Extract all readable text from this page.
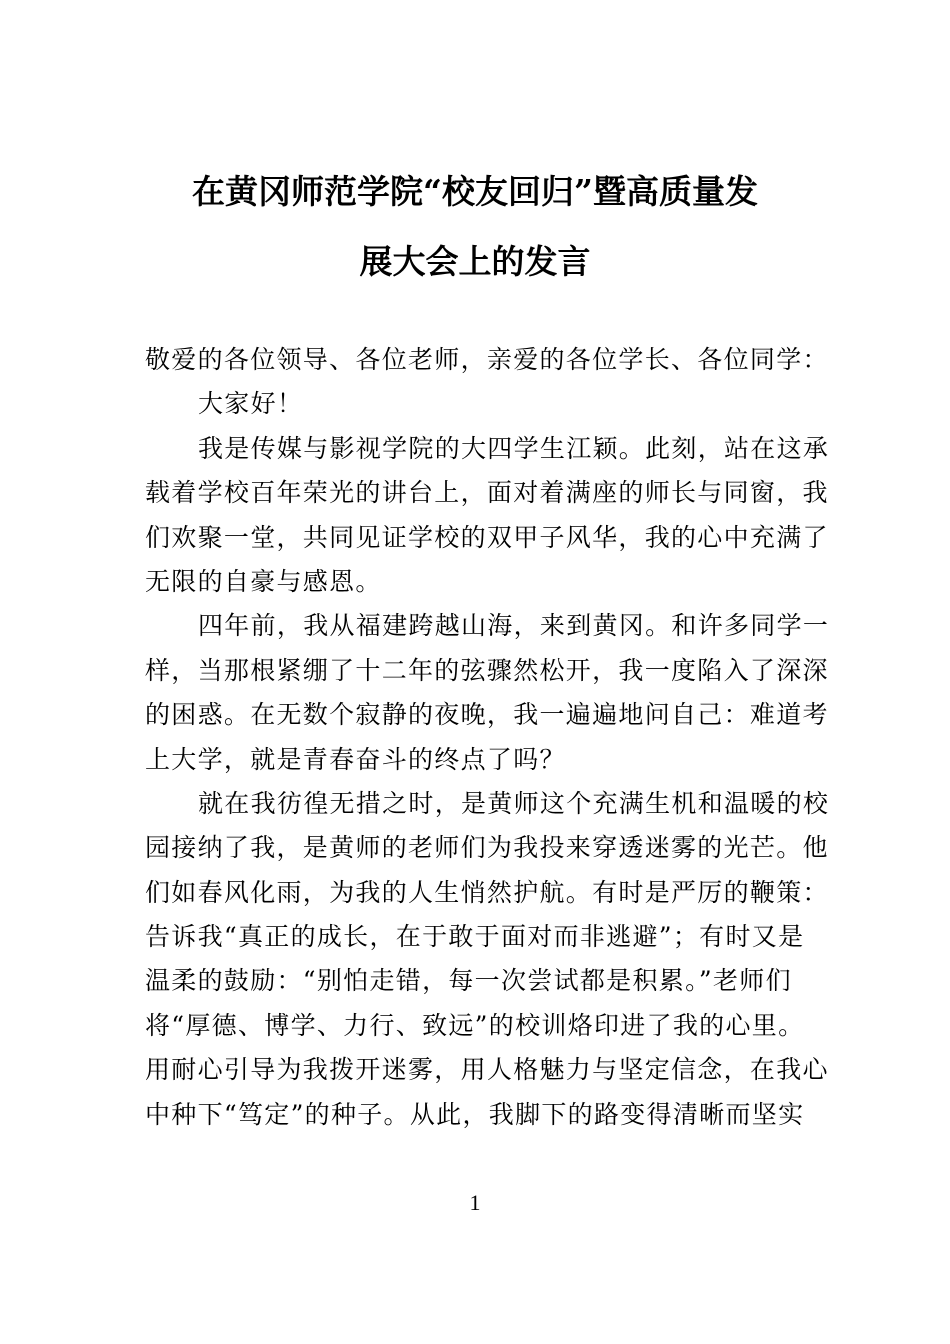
在黄冈师范学院“校友回归”暨高质量发
展大会上的发言
敬爱的各位领导、各位老师，亲爱的各位学长、各位同学：
大家好！
我是传媒与影视学院的大四学生江颖。此刻，站在这承
载着学校百年荣光的讲台上，面对着满座的师长与同窗，我
们欢聚一堂，共同见证学校的双甲子风华，我的心中充满了
无限的自豪与感恩。
四年前，我从福建跨越山海，来到黄冈。和许多同学一
样，当那根紧绷了十二年的弦骤然松开，我一度陷入了深深
的困惑。在无数个寂静的夜晚，我一遍遍地问自己：难道考
上大学，就是青春奋斗的终点了吗？
就在我彷徨无措之时，是黄师这个充满生机和温暖的校
园接纳了我，是黄师的老师们为我投来穿透迷雾的光芒。他
们如春风化雨，为我的人生悄然护航。有时是严厉的鞭策：
告诉我“真正的成长，在于敢于面对而非逃避”；有时又是
温柔的鼓励：“别怕走错，每一次尝试都是积累。”老师们
将“厚德、博学、力行、致远”的校训烙印进了我的心里。
用耐心引导为我拨开迷雾，用人格魅力与坚定信念，在我心
中种下“笃定”的种子。从此，我脚下的路变得清晰而坚实
1
